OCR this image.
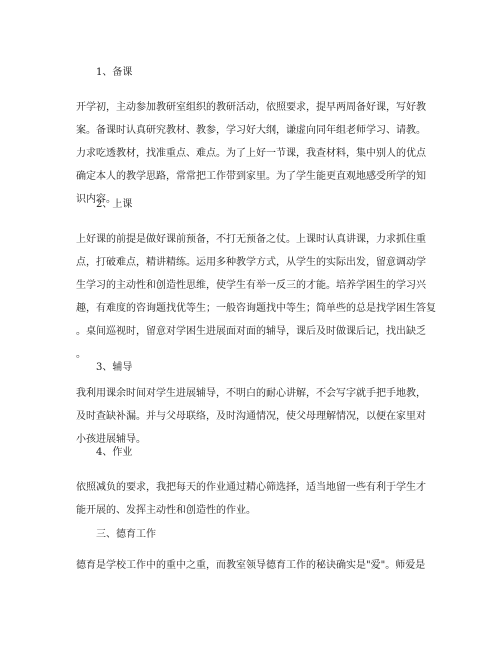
1、备课
开学初，主动参加教研室组织的教研活动，依照要求，提早两周备好课，写好教
案。备课时认真研究教材、教参，学习好大纲，谦虚向同年组老师学习、请教。
力求吃透教材，找准重点、难点。为了上好一节课，我查材料，集中别人的优点
确定本人的教学思路，常常把工作带到家里。为了学生能更直观地感受所学的知
识内容。
2、上课
上好课的前提是做好课前预备，不打无预备之仗。上课时认真讲课，力求抓住重
点，打破难点，精讲精练。运用多种教学方式，从学生的实际出发，留意调动学
生学习的主动性和创造性思维，使学生有举一反三的才能。培养学困生的学习兴
趣，有难度的咨询题找优等生；一般咨询题找中等生；简单些的总是找学困生答复
。桌间巡视时，留意对学困生进展面对面的辅导，课后及时做课后记，找出缺乏
。
3、辅导
我利用课余时间对学生进展辅导，不明白的耐心讲解，不会写字就手把手地教，
及时查缺补漏。并与父母联络，及时沟通情况，使父母理解情况，以便在家里对
小孩进展辅导。
4、作业
依照减负的要求，我把每天的作业通过精心筛选择，适当地留一些有利于学生才
能开展的、发挥主动性和创造性的作业。
三、德育工作
德育是学校工作中的重中之重，而教室领导德育工作的秘诀确实是"爱"。师爱是
